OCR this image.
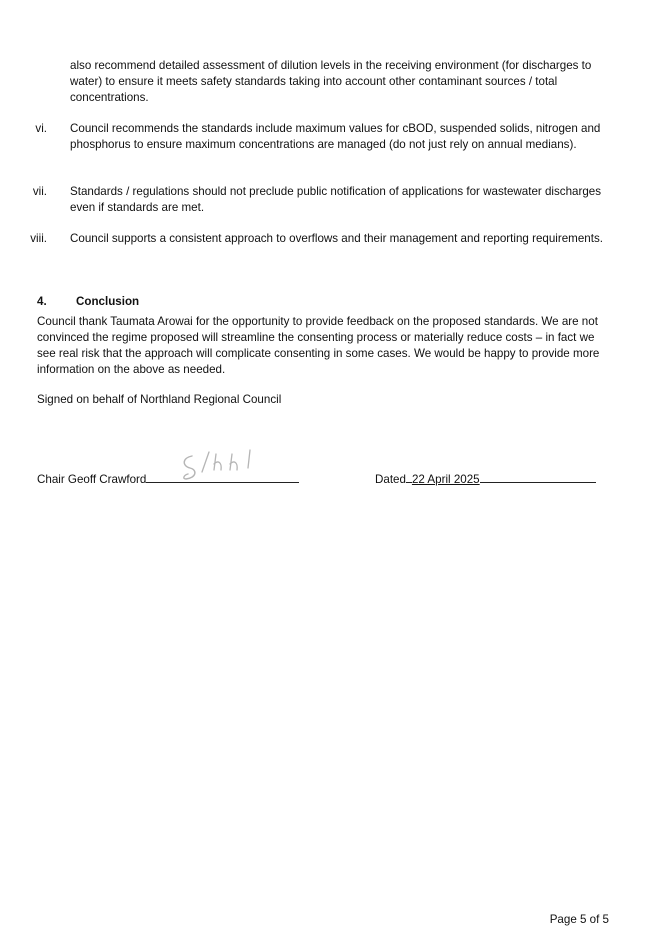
also recommend detailed assessment of dilution levels in the receiving environment (for discharges to water) to ensure it meets safety standards taking into account other contaminant sources / total concentrations.

vi. Council recommends the standards include maximum values for cBOD, suspended solids, nitrogen and phosphorus to ensure maximum concentrations are managed (do not just rely on annual medians).
vii. Standards / regulations should not preclude public notification of applications for wastewater discharges even if standards are met.
viii. Council supports a consistent approach to overflows and their management and reporting requirements.
4.	Conclusion

Council thank Taumata Arowai for the opportunity to provide feedback on the proposed standards. We are not convinced the regime proposed will streamline the consenting process or materially reduce costs – in fact we see real risk that the approach will complicate consenting in some cases. We would be happy to provide more information on the above as needed.

Signed on behalf of Northland Regional Council

Chair Geoff Crawford	Dated 22 April 2025
Page 5 of 5
